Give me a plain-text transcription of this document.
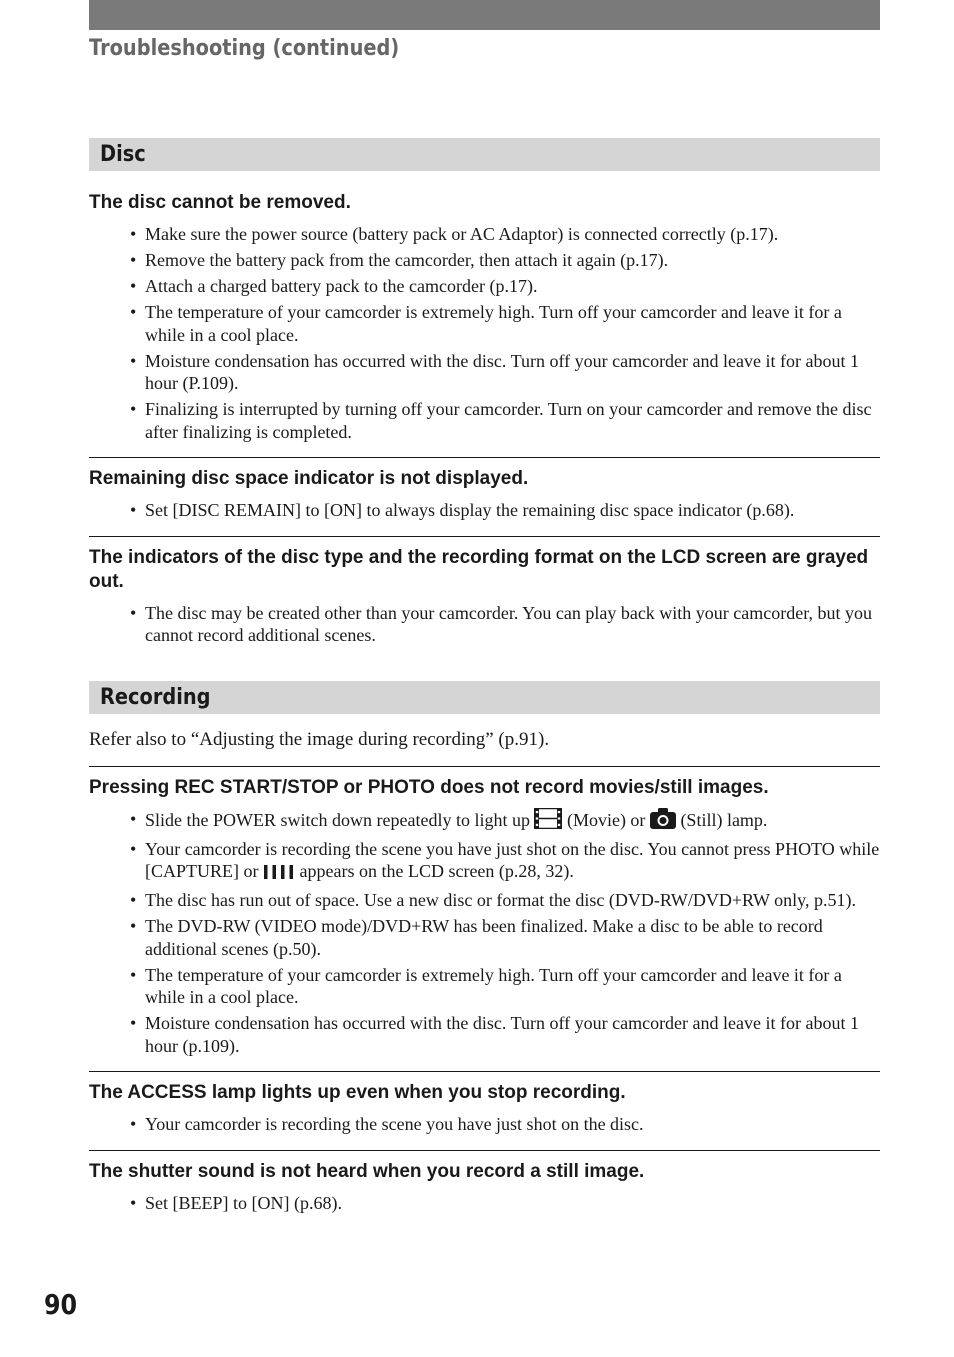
Troubleshooting (continued)
Disc
The disc cannot be removed.
• Make sure the power source (battery pack or AC Adaptor) is connected correctly (p.17).
• Remove the battery pack from the camcorder, then attach it again (p.17).
• Attach a charged battery pack to the camcorder (p.17).
• The temperature of your camcorder is extremely high. Turn off your camcorder and leave it for a while in a cool place.
• Moisture condensation has occurred with the disc. Turn off your camcorder and leave it for about 1 hour (P.109).
• Finalizing is interrupted by turning off your camcorder. Turn on your camcorder and remove the disc after finalizing is completed.
Remaining disc space indicator is not displayed.
• Set [DISC REMAIN] to [ON] to always display the remaining disc space indicator (p.68).
The indicators of the disc type and the recording format on the LCD screen are grayed out.
• The disc may be created other than your camcorder. You can play back with your camcorder, but you cannot record additional scenes.
Recording

Refer also to “Adjusting the image during recording” (p.91).

Pressing REC START/STOP or PHOTO does not record movies/still images.
• Slide the POWER switch down repeatedly to light up (Movie) or (Still) lamp.
• Your camcorder is recording the scene you have just shot on the disc. You cannot press PHOTO while [CAPTURE] or appears on the LCD screen (p.28, 32).
• The disc has run out of space. Use a new disc or format the disc (DVD-RW/DVD+RW only, p.51).
• The DVD-RW (VIDEO mode)/DVD+RW has been finalized. Make a disc to be able to record additional scenes (p.50).
• The temperature of your camcorder is extremely high. Turn off your camcorder and leave it for a while in a cool place.
• Moisture condensation has occurred with the disc. Turn off your camcorder and leave it for about 1 hour (p.109).
The ACCESS lamp lights up even when you stop recording.
• Your camcorder is recording the scene you have just shot on the disc.
The shutter sound is not heard when you record a still image.
• Set [BEEP] to [ON] (p.68).

90
